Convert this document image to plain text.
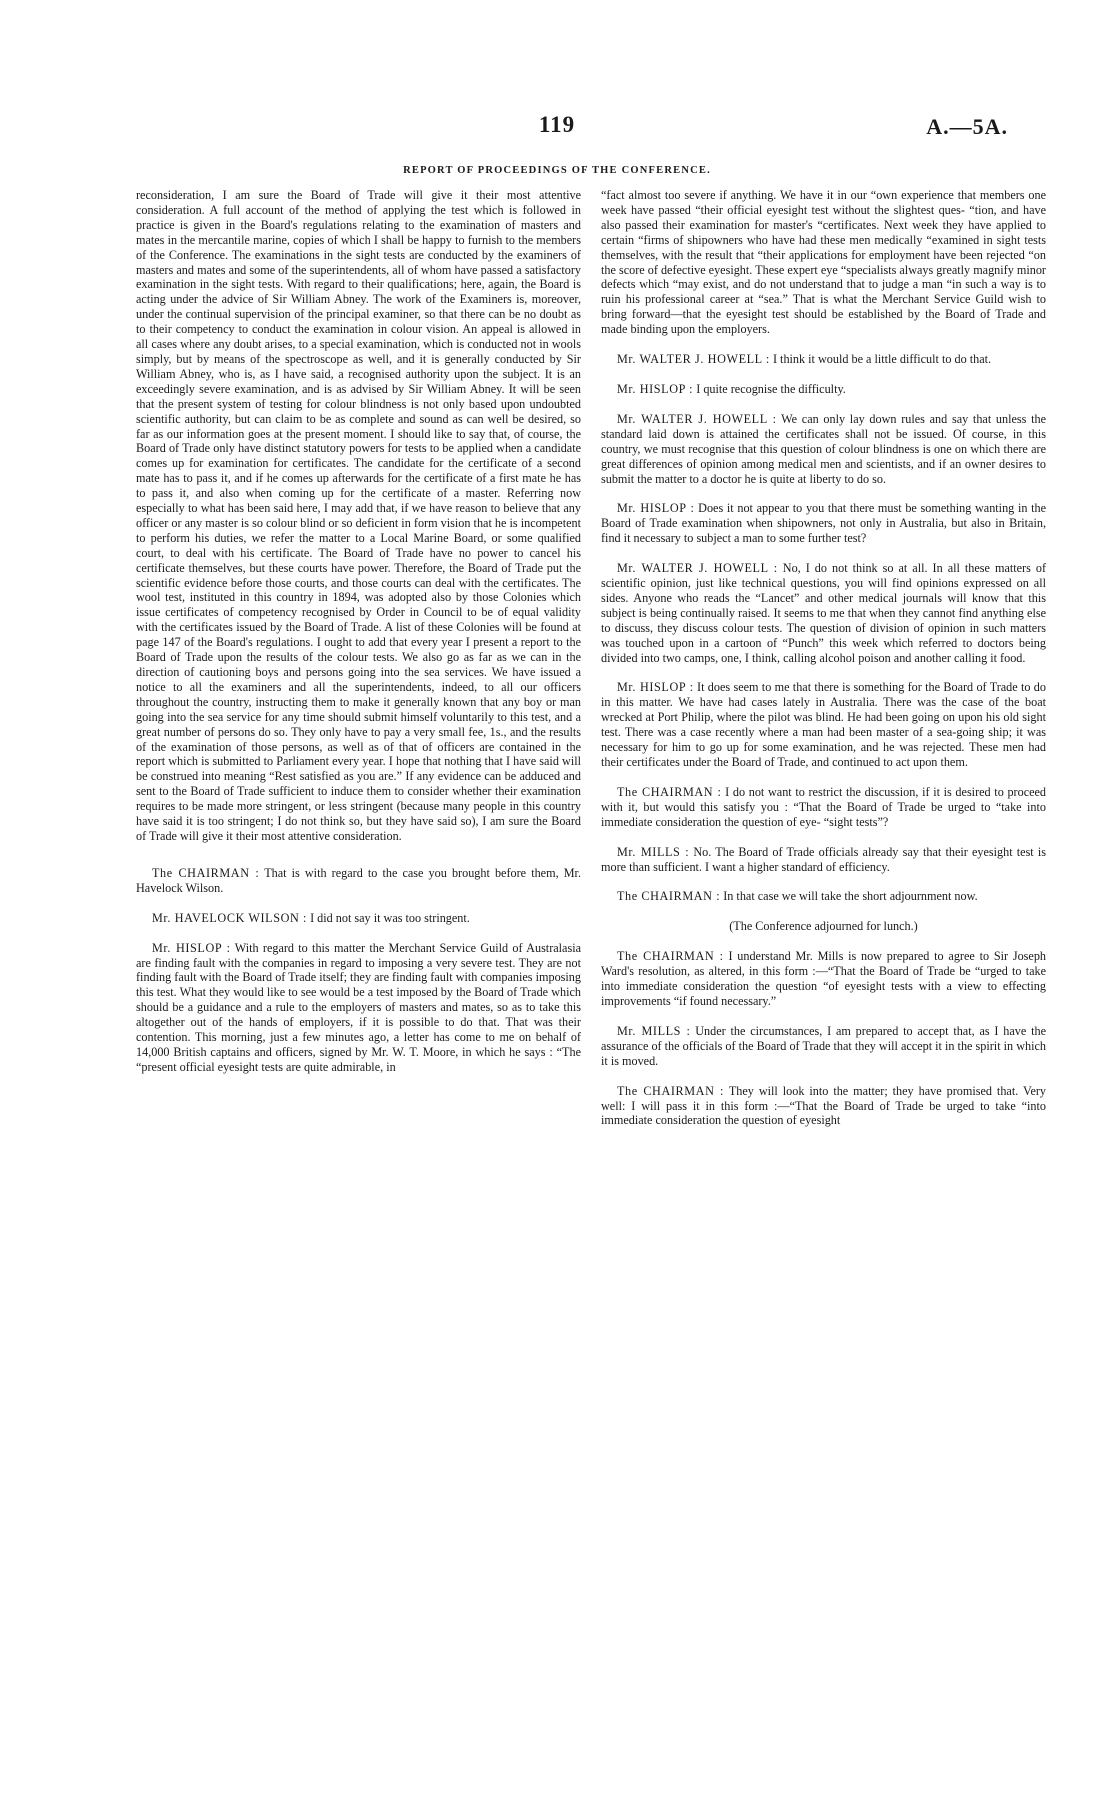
119	A.—5A.
REPORT OF PROCEEDINGS OF THE CONFERENCE.

reconsideration, I am sure the Board of Trade will give it their most attentive consideration. A full account of the method of applying the test which is followed in practice is given in the Board's regulations relating to the examination of masters and mates in the mercantile marine, copies of which I shall be happy to furnish to the members of the Conference. The examinations in the sight tests are conducted by the examiners of masters and mates and some of the superintendents, all of whom have passed a satisfactory examination in the sight tests. With regard to their qualifications; here, again, the Board is acting under the advice of Sir William Abney. The work of the Examiners is, moreover, under the continual supervision of the principal examiner, so that there can be no doubt as to their competency to conduct the examination in colour vision. An appeal is allowed in all cases where any doubt arises, to a special examination, which is conducted not in wools simply, but by means of the spectroscope as well, and it is generally conducted by Sir William Abney, who is, as I have said, a recognised authority upon the subject. It is an exceedingly severe examination, and is as advised by Sir William Abney. It will be seen that the present system of testing for colour blindness is not only based upon undoubted scientific authority, but can claim to be as complete and sound as can well be desired, so far as our information goes at the present moment. I should like to say that, of course, the Board of Trade only have distinct statutory powers for tests to be applied when a candidate comes up for examination for certificates. The candidate for the certificate of a second mate has to pass it, and if he comes up afterwards for the certificate of a first mate he has to pass it, and also when coming up for the certificate of a master. Referring now especially to what has been said here, I may add that, if we have reason to believe that any officer or any master is so colour blind or so deficient in form vision that he is incompetent to perform his duties, we refer the matter to a Local Marine Board, or some qualified court, to deal with his certificate. The Board of Trade have no power to cancel his certificate themselves, but these courts have power. Therefore, the Board of Trade put the scientific evidence before those courts, and those courts can deal with the certificates. The wool test, instituted in this country in 1894, was adopted also by those Colonies which issue certificates of competency recognised by Order in Council to be of equal validity with the certificates issued by the Board of Trade. A list of these Colonies will be found at page 147 of the Board's regulations. I ought to add that every year I present a report to the Board of Trade upon the results of the colour tests. We also go as far as we can in the direction of cautioning boys and persons going into the sea services. We have issued a notice to all the examiners and all the superintendents, indeed, to all our officers throughout the country, instructing them to make it generally known that any boy or man going into the sea service for any time should submit himself voluntarily to this test, and a great number of persons do so. They only have to pay a very small fee, 1s., and the results of the examination of those persons, as well as of that of officers are contained in the report which is submitted to Parliament every year. I hope that nothing that I have said will be construed into meaning “Rest satisfied as you are.” If any evidence can be adduced and sent to the Board of Trade sufficient to induce them to consider whether their examination requires to be made more stringent, or less stringent (because many people in this country have said it is too stringent; I do not think so, but they have said so), I am sure the Board of Trade will give it their most attentive consideration.

The CHAIRMAN : That is with regard to the case you brought before them, Mr. Havelock Wilson.

Mr. HAVELOCK WILSON : I did not say it was too stringent.

Mr. HISLOP : With regard to this matter the Merchant Service Guild of Australasia are finding fault with the companies in regard to imposing a very severe test. They are not finding fault with the Board of Trade itself; they are finding fault with companies imposing this test. What they would like to see would be a test imposed by the Board of Trade which should be a guidance and a rule to the employers of masters and mates, so as to take this altogether out of the hands of employers, if it is possible to do that. That was their contention. This morning, just a few minutes ago, a letter has come to me on behalf of 14,000 British captains and officers, signed by Mr. W. T. Moore, in which he says : “The “present official eyesight tests are quite admirable, in

“fact almost too severe if anything. We have it in our “own experience that members one week have passed “their official eyesight test without the slightest ques- “tion, and have also passed their examination for master's “certificates. Next week they have applied to certain “firms of shipowners who have had these men medically “examined in sight tests themselves, with the result that “their applications for employment have been rejected “on the score of defective eyesight. These expert eye “specialists always greatly magnify minor defects which “may exist, and do not understand that to judge a man “in such a way is to ruin his professional career at “sea.” That is what the Merchant Service Guild wish to bring forward—that the eyesight test should be established by the Board of Trade and made binding upon the employers.

Mr. WALTER J. HOWELL : I think it would be a little difficult to do that.

Mr. HISLOP : I quite recognise the difficulty.

Mr. WALTER J. HOWELL : We can only lay down rules and say that unless the standard laid down is attained the certificates shall not be issued. Of course, in this country, we must recognise that this question of colour blindness is one on which there are great differences of opinion among medical men and scientists, and if an owner desires to submit the matter to a doctor he is quite at liberty to do so.

Mr. HISLOP : Does it not appear to you that there must be something wanting in the Board of Trade examination when shipowners, not only in Australia, but also in Britain, find it necessary to subject a man to some further test?

Mr. WALTER J. HOWELL : No, I do not think so at all. In all these matters of scientific opinion, just like technical questions, you will find opinions expressed on all sides. Anyone who reads the “Lancet” and other medical journals will know that this subject is being continually raised. It seems to me that when they cannot find anything else to discuss, they discuss colour tests. The question of division of opinion in such matters was touched upon in a cartoon of “Punch” this week which referred to doctors being divided into two camps, one, I think, calling alcohol poison and another calling it food.

Mr. HISLOP : It does seem to me that there is something for the Board of Trade to do in this matter. We have had cases lately in Australia. There was the case of the boat wrecked at Port Philip, where the pilot was blind. He had been going on upon his old sight test. There was a case recently where a man had been master of a sea-going ship; it was necessary for him to go up for some examination, and he was rejected. These men had their certificates under the Board of Trade, and continued to act upon them.

The CHAIRMAN : I do not want to restrict the discussion, if it is desired to proceed with it, but would this satisfy you : “That the Board of Trade be urged to “take into immediate consideration the question of eye- “sight tests”?

Mr. MILLS : No. The Board of Trade officials already say that their eyesight test is more than sufficient. I want a higher standard of efficiency.

The CHAIRMAN : In that case we will take the short adjournment now.

(The Conference adjourned for lunch.)

The CHAIRMAN : I understand Mr. Mills is now prepared to agree to Sir Joseph Ward's resolution, as altered, in this form :—“That the Board of Trade be “urged to take into immediate consideration the question “of eyesight tests with a view to effecting improvements “if found necessary.”

Mr. MILLS : Under the circumstances, I am prepared to accept that, as I have the assurance of the officials of the Board of Trade that they will accept it in the spirit in which it is moved.

The CHAIRMAN : They will look into the matter; they have promised that. Very well: I will pass it in this form :—“That the Board of Trade be urged to take “into immediate consideration the question of eyesight
